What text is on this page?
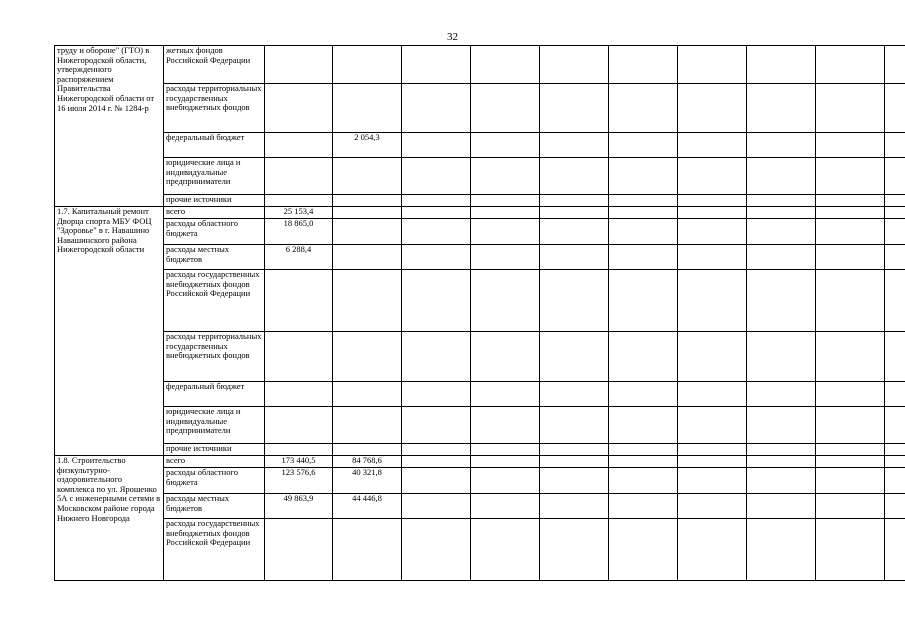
32
труду и обороне" (ГТО) в Нижегородской области, утвержденного распоряжением Правительства Нижегородской области от 16 июля 2014 г. № 1284-р	жетных фондов Российской Федерации										
	расходы территориальных государственных внебюджетных фондов										
	федеральный бюджет		2 054,3								
	юридические лица и индивидуальные предприниматели										
	прочие источники										
1.7. Капитальный ремонт Дворца спорта МБУ ФОЦ "Здоровье" в г. Навашино Навашинского района Нижегородской области	всего	25 153,4									
	расходы областного бюджета	18 865,0									
	расходы местных бюджетов	6 288,4									
	расходы государственных внебюджетных фондов Российской Федерации										
	расходы территориальных государственных внебюджетных фондов										
	федеральный бюджет										
	юридические лица и индивидуальные предприниматели										
	прочие источники										
1.8. Строительство физкультурно-оздоровительного комплекса по ул. Ярошенко 5А с инженерными сетями в Московском районе города Нижнего Новгорода	всего	173 440,5	84 768,6								
	расходы областного бюджета	123 576,6	40 321,8								
	расходы местных бюджетов	49 863,9	44 446,8								
	расходы государственных внебюджетных фондов Российской Федерации										
